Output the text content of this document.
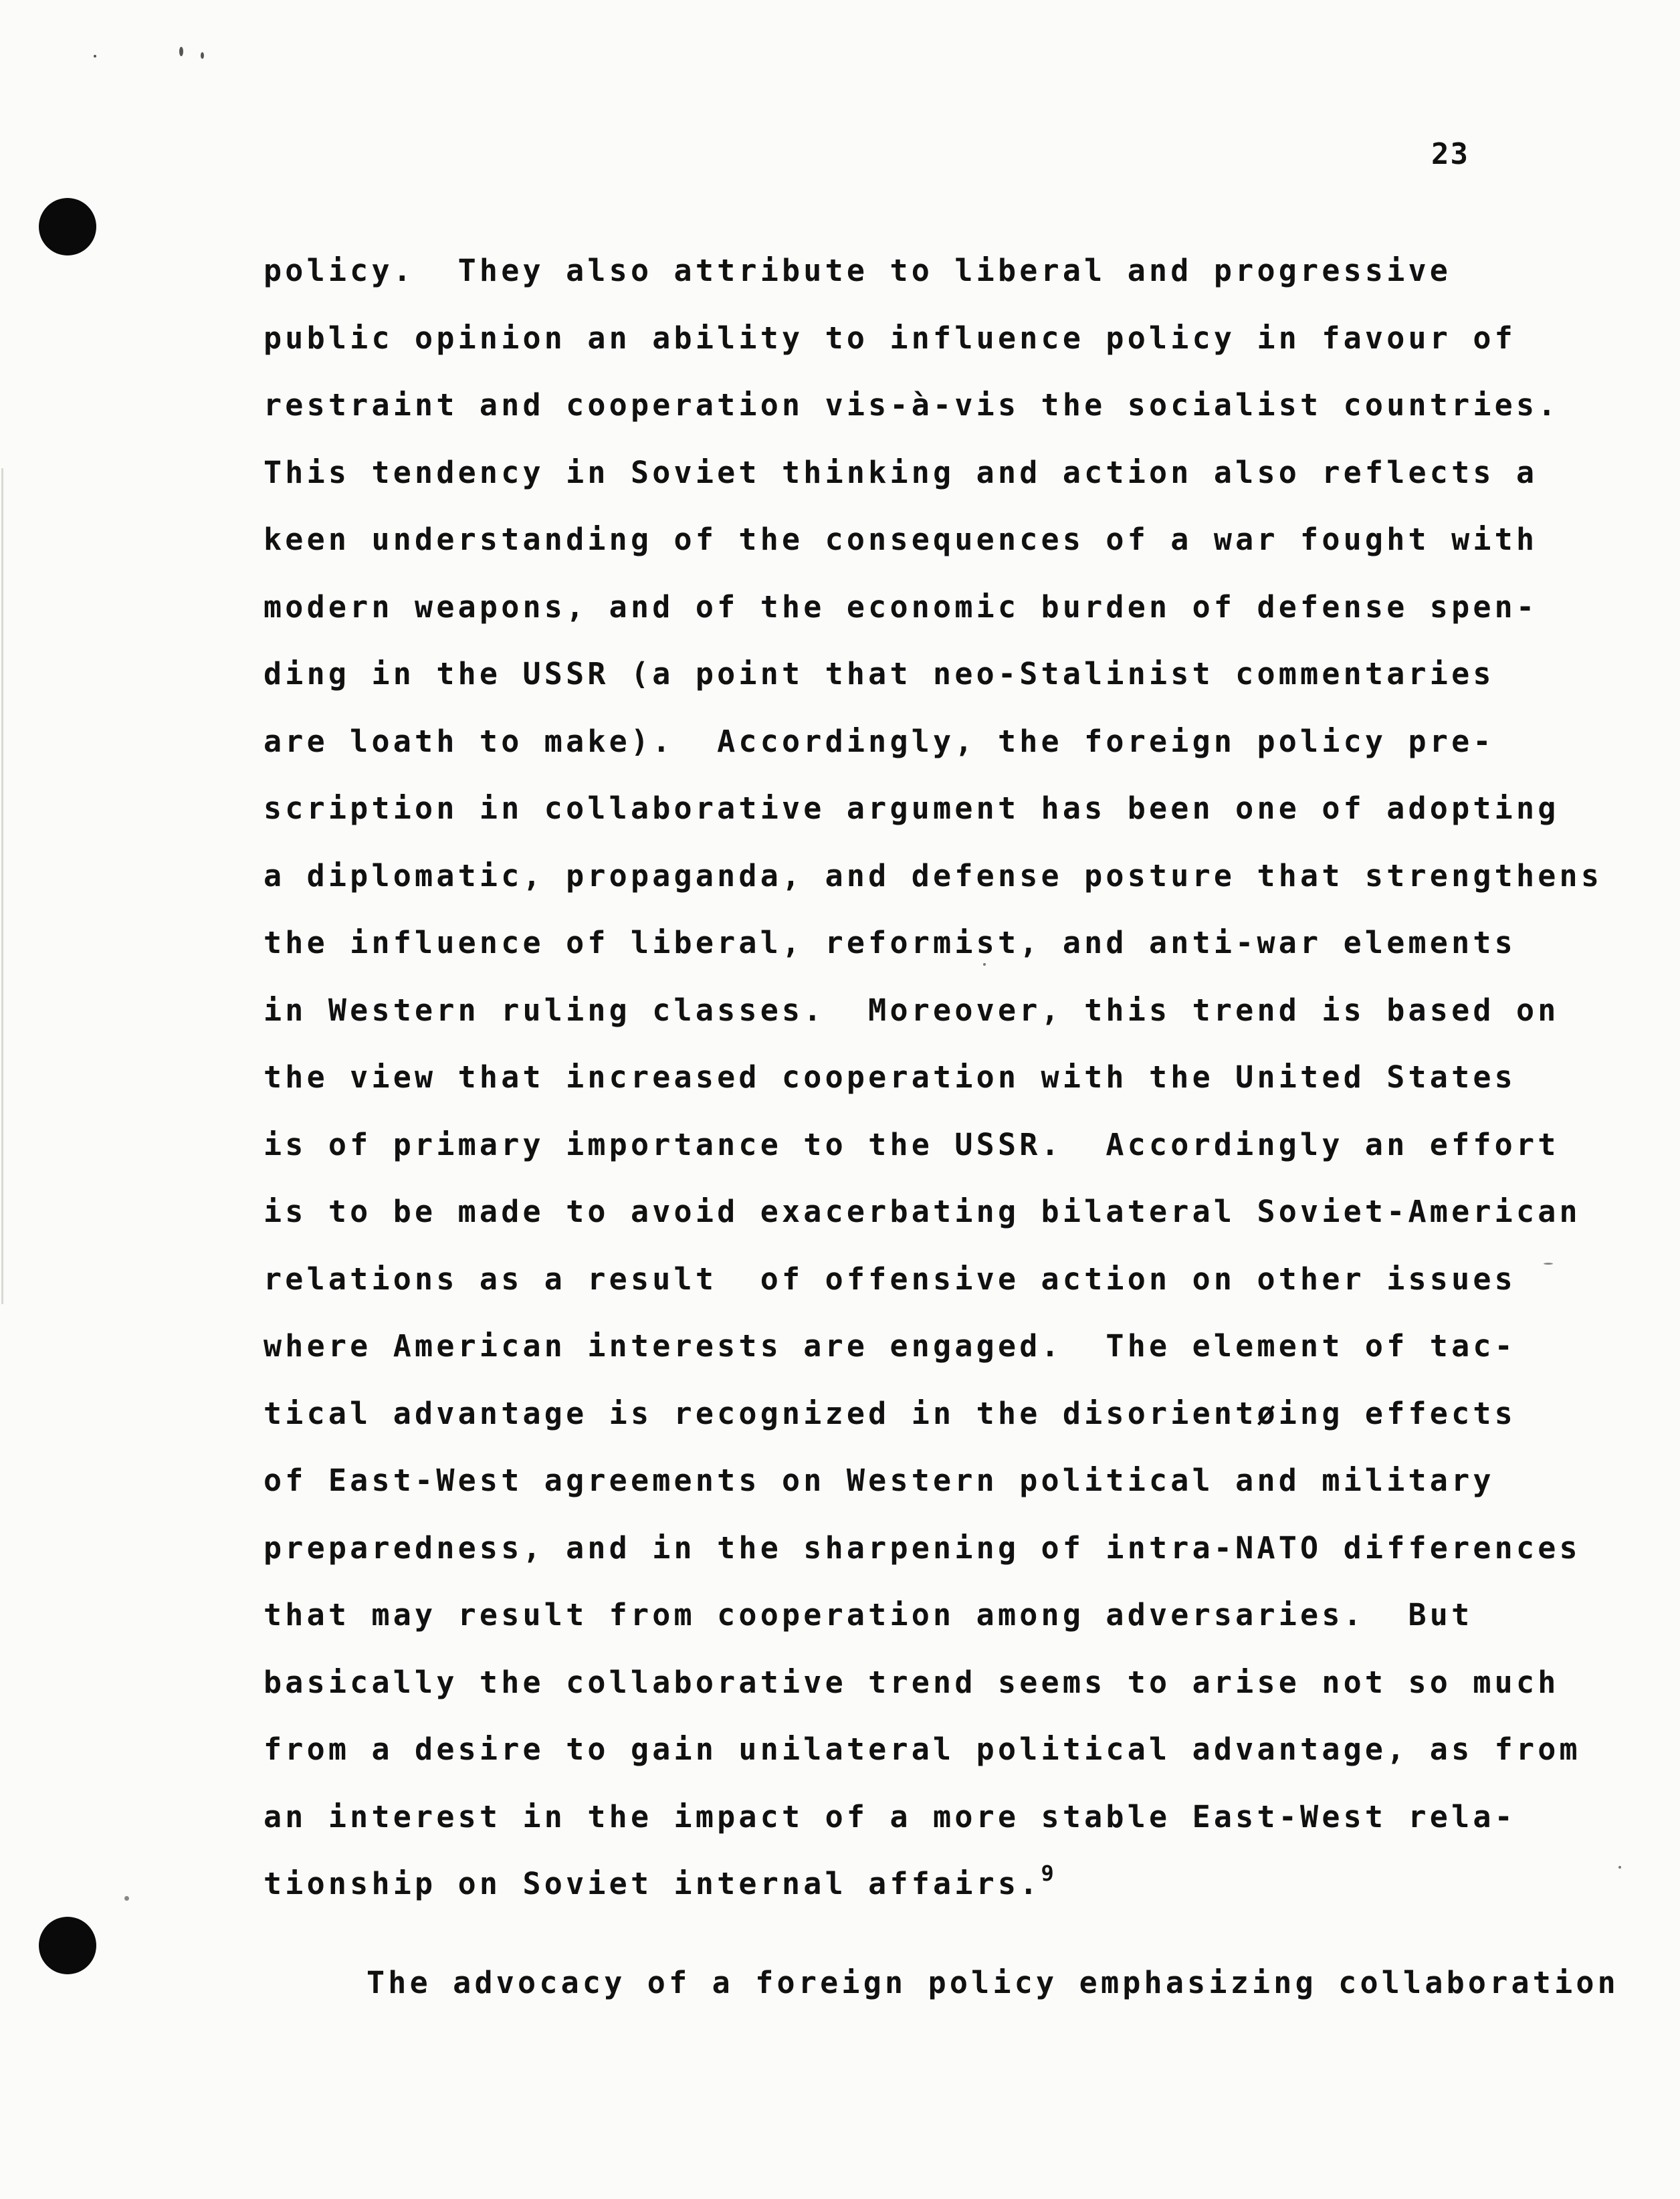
23
policy.  They also attribute to liberal and progressive
public opinion an ability to influence policy in favour of
restraint and cooperation vis-à-vis the socialist countries.
This tendency in Soviet thinking and action also reflects a
keen understanding of the consequences of a war fought with
modern weapons, and of the economic burden of defense spen-
ding in the USSR (a point that neo-Stalinist commentaries
are loath to make).  Accordingly, the foreign policy pre-
scription in collaborative argument has been one of adopting
a diplomatic, propaganda, and defense posture that strengthens
the influence of liberal, reformist, and anti-war elements
in Western ruling classes.  Moreover, this trend is based on
the view that increased cooperation with the United States
is of primary importance to the USSR.  Accordingly an effort
is to be made to avoid exacerbating bilateral Soviet-American
relations as a result  of offensive action on other issues
where American interests are engaged.  The element of tac-
tical advantage is recognized in the disorientøing effects
of East-West agreements on Western political and military
preparedness, and in the sharpening of intra-NATO differences
that may result from cooperation among adversaries.  But
basically the collaborative trend seems to arise not so much
from a desire to gain unilateral political advantage, as from
an interest in the impact of a more stable East-West rela-
tionship on Soviet internal affairs.$^9$
The advocacy of a foreign policy emphasizing collaboration
